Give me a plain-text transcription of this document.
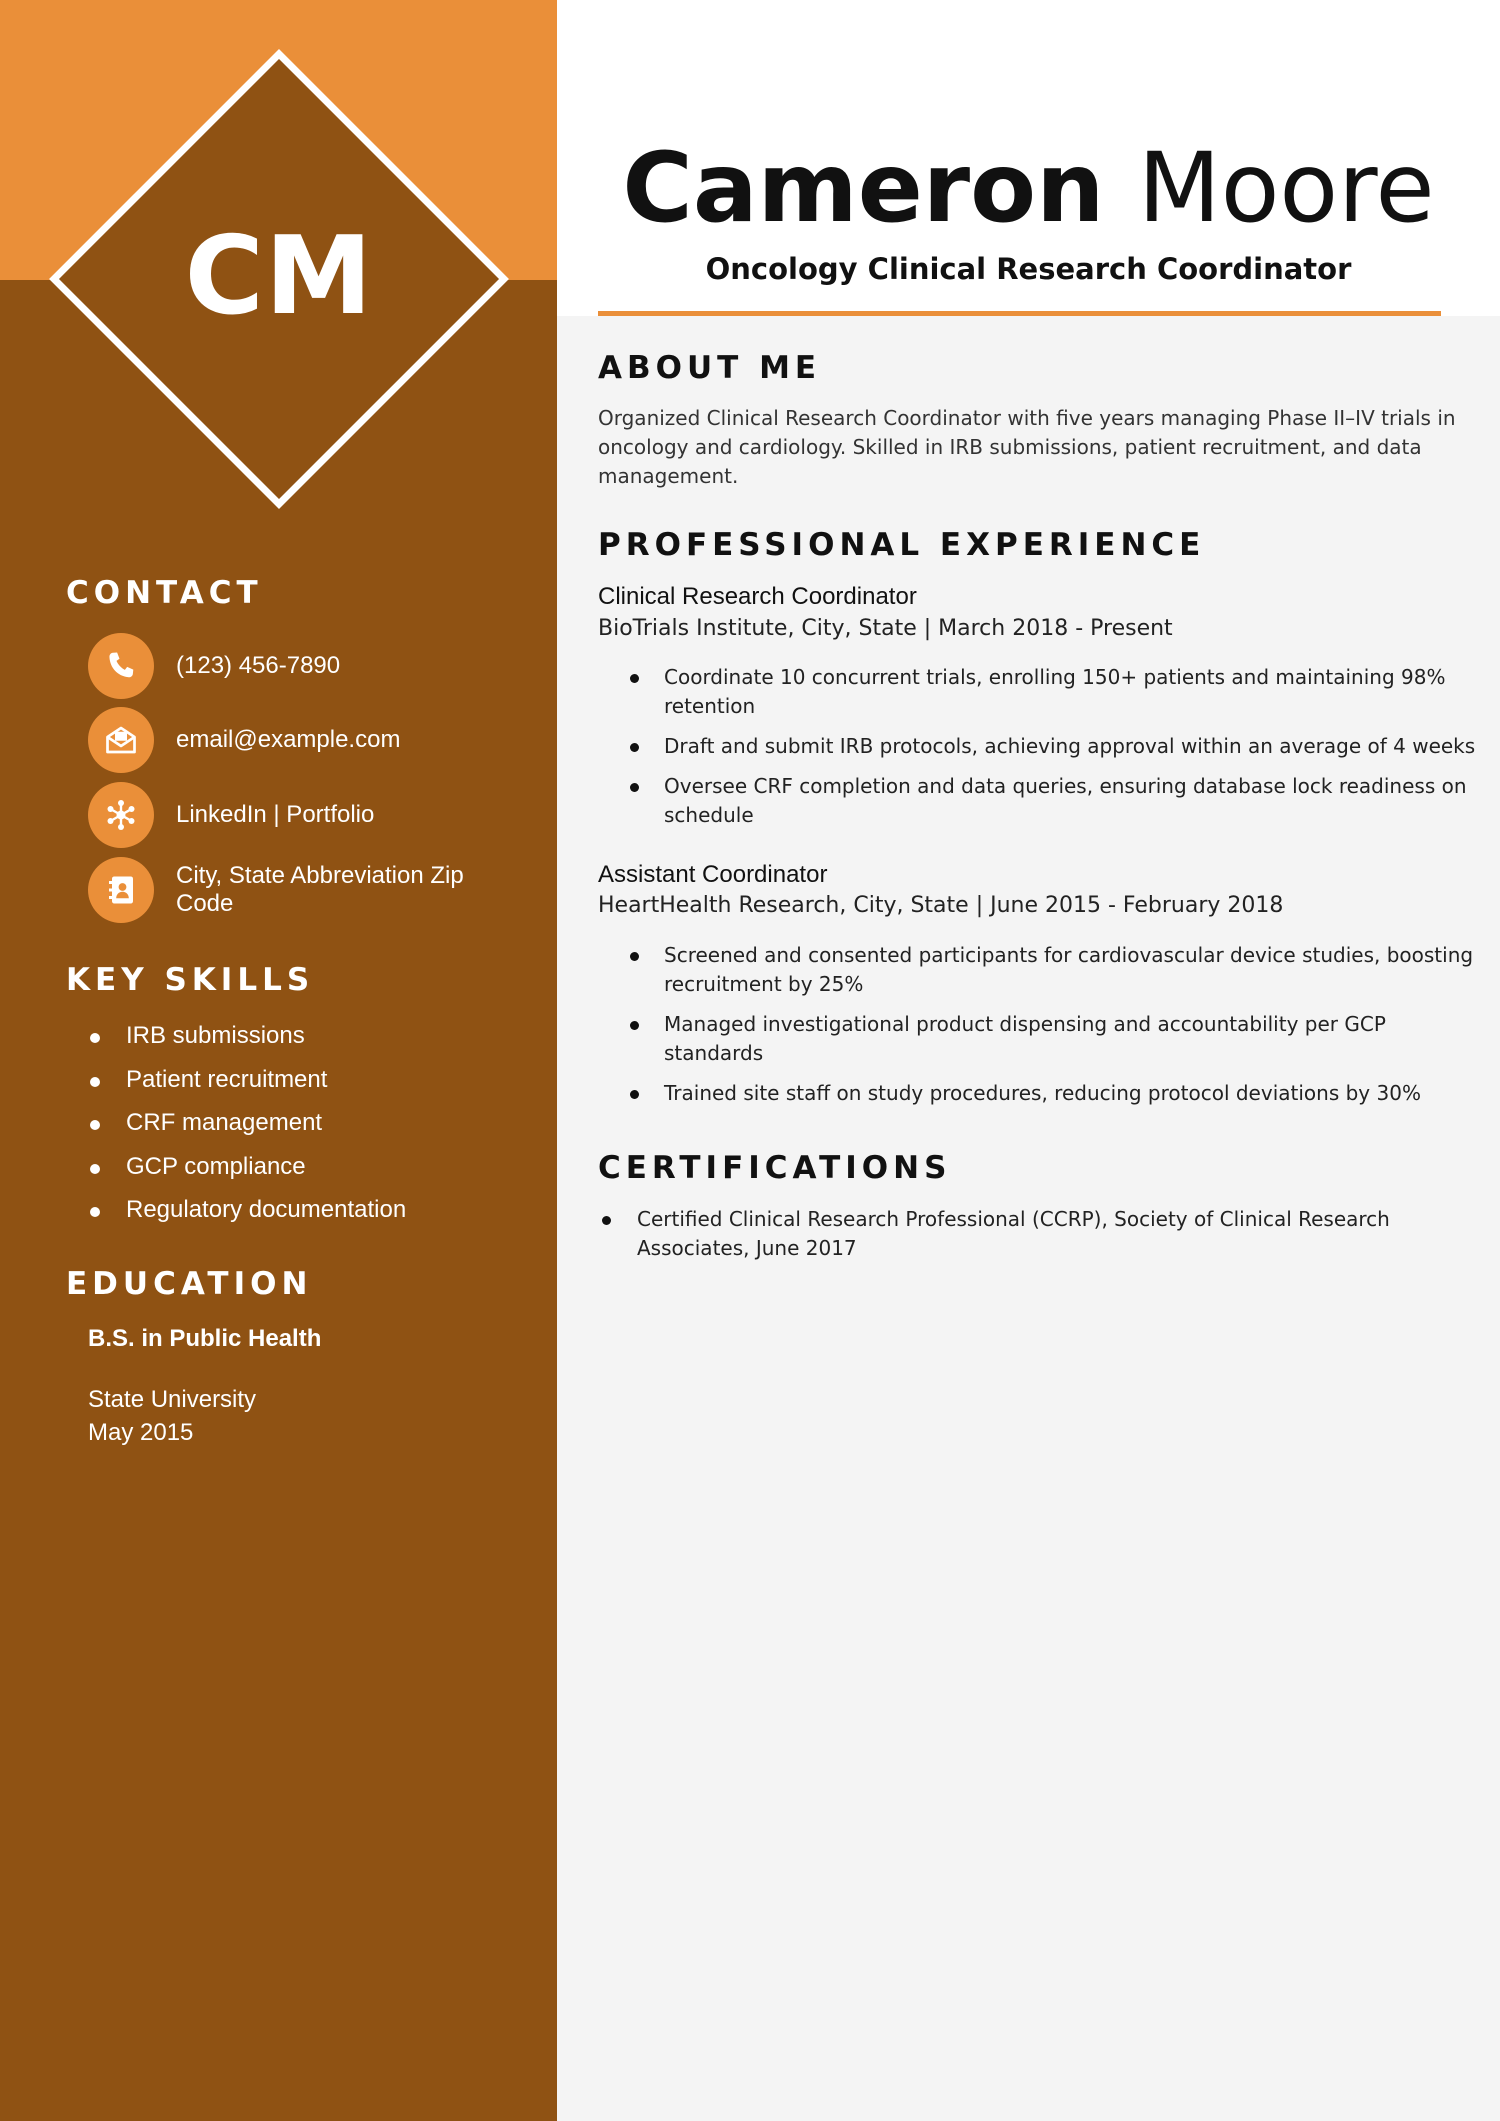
CM
CONTACT
(123) 456-7890
email@example.com
LinkedIn | Portfolio
City, State Abbreviation Zip Code
KEY SKILLS
IRB submissions
Patient recruitment
CRF management
GCP compliance
Regulatory documentation
EDUCATION
B.S. in Public Health
State University
May 2015
Cameron Moore
Oncology Clinical Research Coordinator
ABOUT ME

Organized Clinical Research Coordinator with five years managing Phase II–IV trials in oncology and cardiology. Skilled in IRB submissions, patient recruitment, and data management.

PROFESSIONAL EXPERIENCE
Clinical Research Coordinator
BioTrials Institute, City, State | March 2018 - Present
Coordinate 10 concurrent trials, enrolling 150+ patients and maintaining 98% retention
Draft and submit IRB protocols, achieving approval within an average of 4 weeks
Oversee CRF completion and data queries, ensuring database lock readiness on schedule
Assistant Coordinator
HeartHealth Research, City, State | June 2015 - February 2018
Screened and consented participants for cardiovascular device studies, boosting recruitment by 25%
Managed investigational product dispensing and accountability per GCP standards
Trained site staff on study procedures, reducing protocol deviations by 30%
CERTIFICATIONS
Certified Clinical Research Professional (CCRP), Society of Clinical Research Associates, June 2017
